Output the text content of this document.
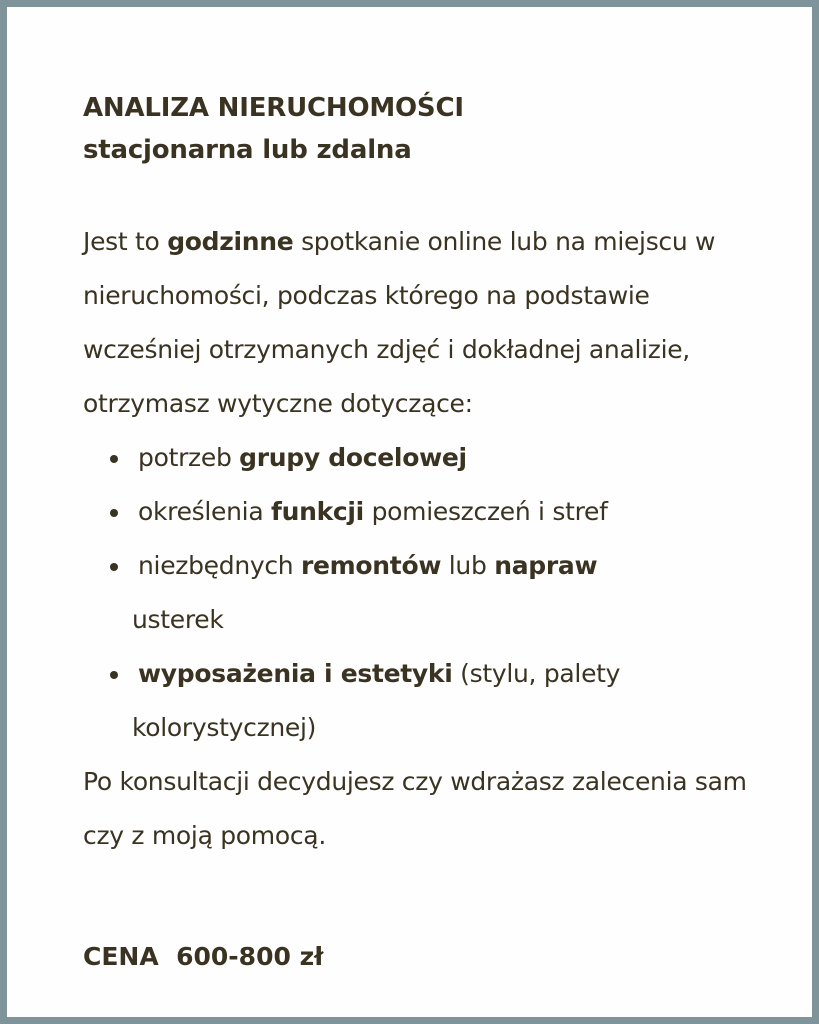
ANALIZA NIERUCHOMOŚCI
stacjonarna lub zdalna

Jest to godzinne spotkanie online lub na miejscu w nieruchomości, podczas którego na podstawie wcześniej otrzymanych zdjęć i dokładnej analizie, otrzymasz wytyczne dotyczące:

potrzeb grupy docelowej
określenia funkcji pomieszczeń i stref
niezbędnych remontów lub napraw
usterek
wyposażenia i estetyki (stylu, palety
kolorystycznej)

Po konsultacji decydujesz czy wdrażasz zalecenia sam czy z moją pomocą.

CENA 600-800 zł
